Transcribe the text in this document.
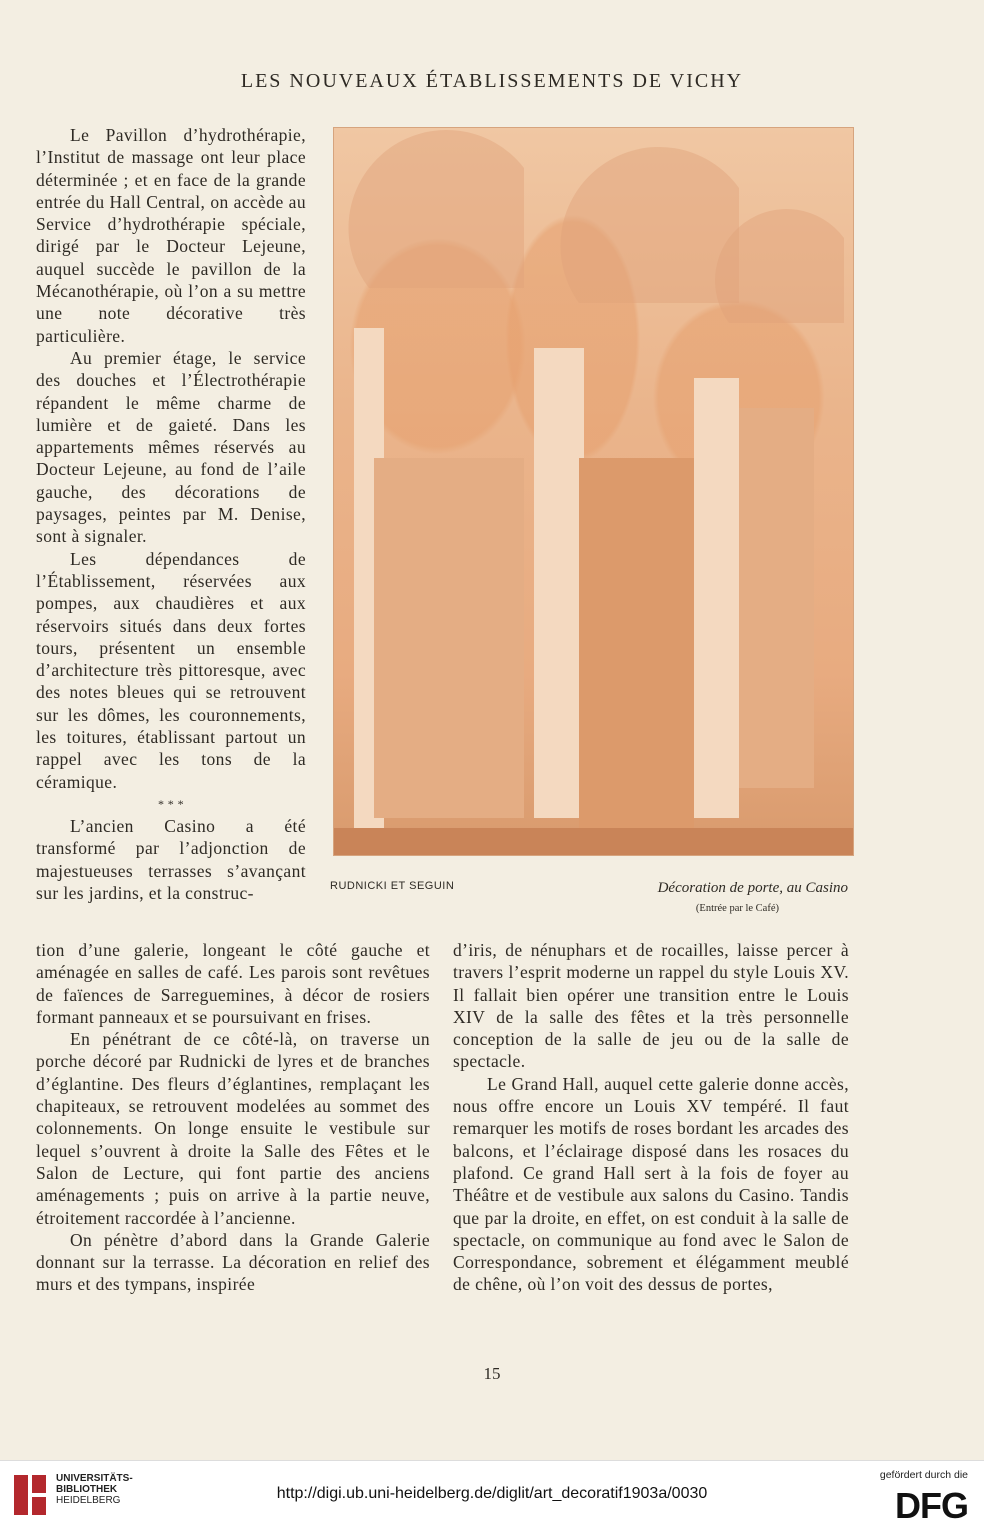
LES NOUVEAUX ÉTABLISSEMENTS DE VICHY

Le Pavillon d’hydrothérapie, l’Institut de massage ont leur place déterminée ; et en face de la grande entrée du Hall Central, on accède au Service d’hydrothérapie spéciale, dirigé par le Docteur Lejeune, auquel succède le pavillon de la Mécanothérapie, où l’on a su mettre une note décorative très particulière.

Au premier étage, le service des douches et l’Électrothérapie répandent le même charme de lumière et de gaieté. Dans les appartements mêmes réservés au Docteur Lejeune, au fond de l’aile gauche, des décorations de paysages, peintes par M. Denise, sont à signaler.

Les dépendances de l’Établissement, réservées aux pompes, aux chaudières et aux réservoirs situés dans deux fortes tours, présentent un ensemble d’architecture très pittoresque, avec des notes bleues qui se retrouvent sur les dômes, les couronnements, les toitures, établissant partout un rappel avec les tons de la céramique.

* * *

L’ancien Casino a été transformé par l’adjonction de majestueuses terrasses s’avançant sur les jardins, et la construc-	RUDNICKI ET SEGUIN	Décoration de porte, au Casino
(Entrée par le Café)

tion d’une galerie, longeant le côté gauche et aménagée en salles de café. Les parois sont revêtues de faïences de Sarreguemines, à décor de rosiers formant panneaux et se poursuivant en frises.

En pénétrant de ce côté-là, on traverse un porche décoré par Rudnicki de lyres et de branches d’églantine. Des fleurs d’églantines, remplaçant les chapiteaux, se retrouvent modelées au sommet des colonnements. On longe ensuite le vestibule sur lequel s’ouvrent à droite la Salle des Fêtes et le Salon de Lecture, qui font partie des anciens aménagements ; puis on arrive à la partie neuve, étroitement raccordée à l’ancienne.

On pénètre d’abord dans la Grande Galerie donnant sur la terrasse. La décoration en relief des murs et des tympans, inspirée

d’iris, de nénuphars et de rocailles, laisse percer à travers l’esprit moderne un rappel du style Louis XV. Il fallait bien opérer une transition entre le Louis XIV de la salle des fêtes et la très personnelle conception de la salle de jeu ou de la salle de spectacle.

Le Grand Hall, auquel cette galerie donne accès, nous offre encore un Louis XV tempéré. Il faut remarquer les motifs de roses bordant les arcades des balcons, et l’éclairage disposé dans les rosaces du plafond. Ce grand Hall sert à la fois de foyer au Théâtre et de vestibule aux salons du Casino. Tandis que par la droite, en effet, on est conduit à la salle de spectacle, on communique au fond avec le Salon de Correspondance, sobrement et élégamment meublé de chêne, où l’on voit des dessus de portes,

15
UNIVERSITÄTS-
BIBLIOTHEK
HEIDELBERG	http://digi.ub.uni-heidelberg.de/diglit/art_decoratif1903a/0030
gefördert durch die
DFG
